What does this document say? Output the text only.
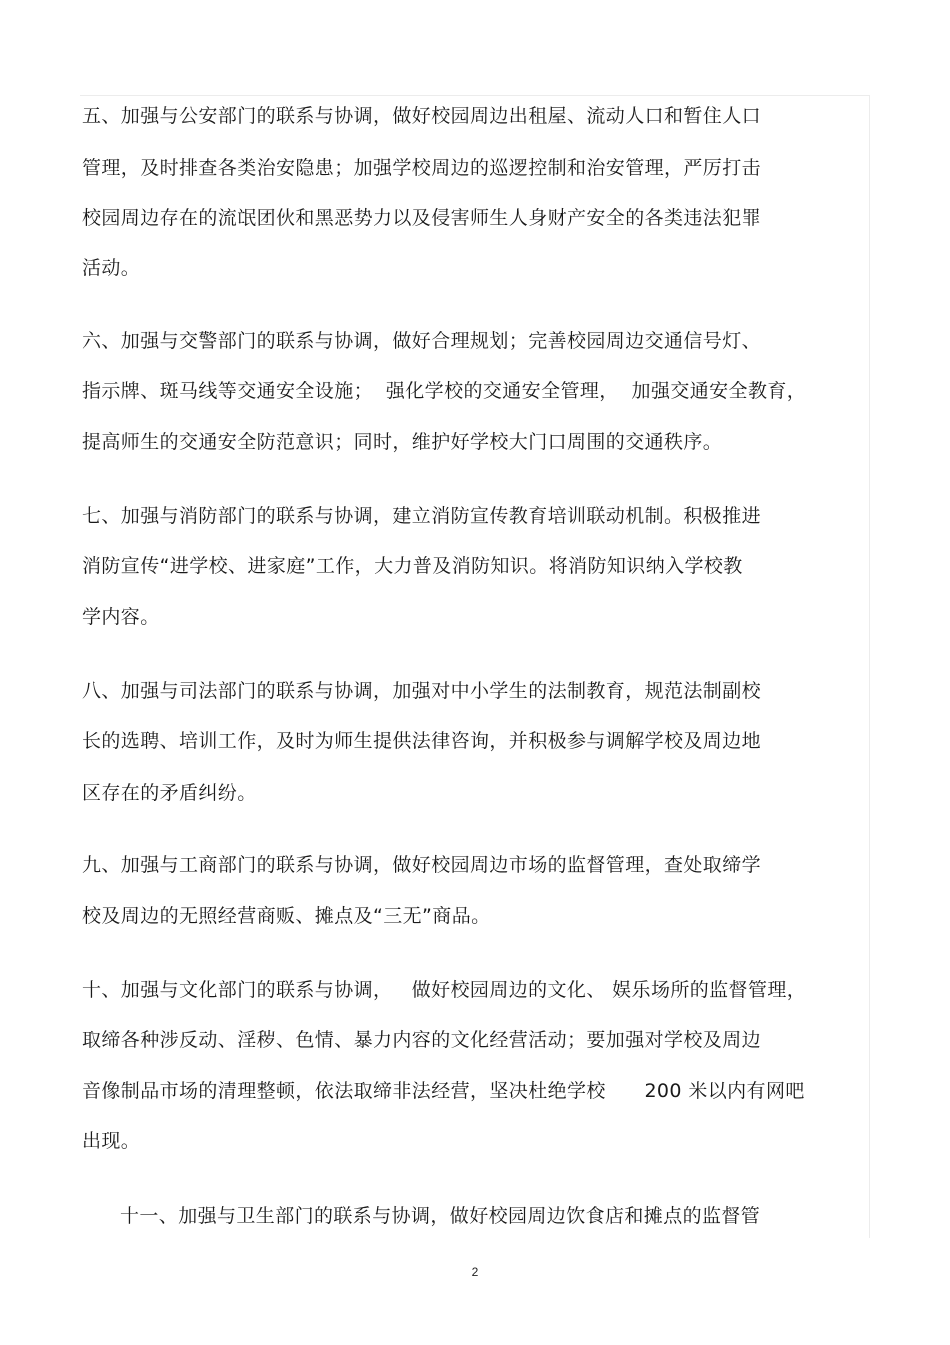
五、加强与公安部门的联系与协调，做好校园周边出租屋、流动人口和暂住人口
管理，及时排查各类治安隐患；加强学校周边的巡逻控制和治安管理，严厉打击
校园周边存在的流氓团伙和黑恶势力以及侵害师生人身财产安全的各类违法犯罪
活动。
六、加强与交警部门的联系与协调，做好合理规划；完善校园周边交通信号灯、
指示牌、斑马线等交通安全设施；  强化学校的交通安全管理，  加强交通安全教育，
提高师生的交通安全防范意识；同时，维护好学校大门口周围的交通秩序。
七、加强与消防部门的联系与协调，建立消防宣传教育培训联动机制。积极推进
消防宣传“进学校、进家庭”工作，大力普及消防知识。将消防知识纳入学校教
学内容。
八、加强与司法部门的联系与协调，加强对中小学生的法制教育，规范法制副校
长的选聘、培训工作，及时为师生提供法律咨询，并积极参与调解学校及周边地
区存在的矛盾纠纷。
九、加强与工商部门的联系与协调，做好校园周边市场的监督管理，查处取缔学
校及周边的无照经营商贩、摊点及“三无”商品。
十、加强与文化部门的联系与协调，   做好校园周边的文化、 娱乐场所的监督管理，
取缔各种涉反动、淫秽、色情、暴力内容的文化经营活动；要加强对学校及周边
音像制品市场的清理整顿，依法取缔非法经营，坚决杜绝学校      200 米以内有网吧
出现。
十一、加强与卫生部门的联系与协调，做好校园周边饮食店和摊点的监督管
2
